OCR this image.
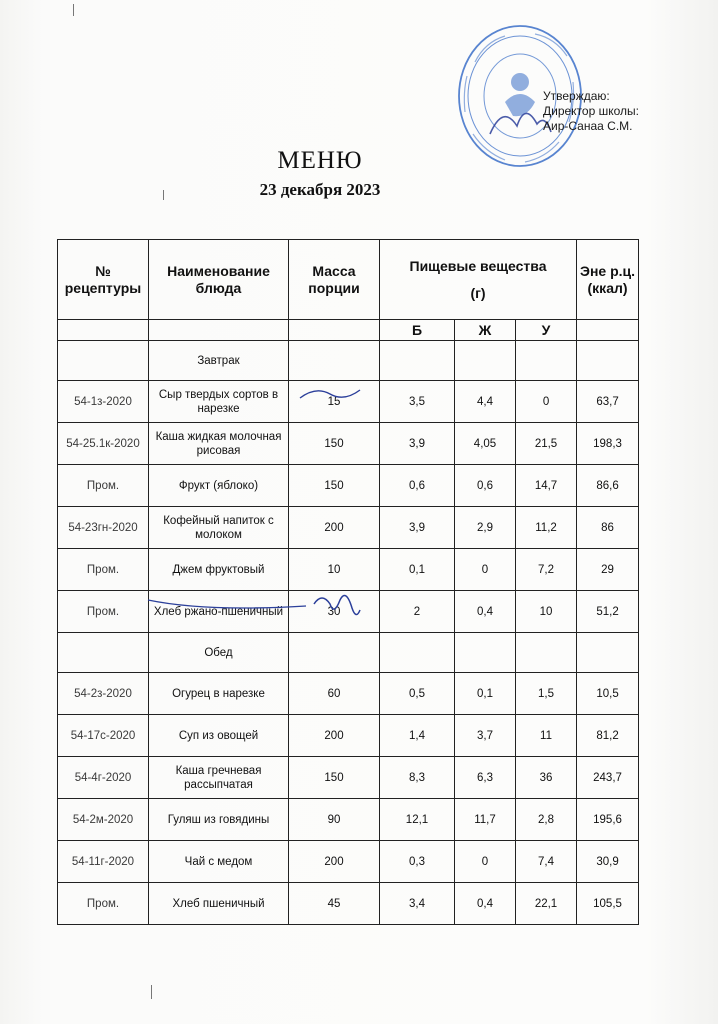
Утверждаю:
Директор школы:
Аир-Санаа С.М.
МЕНЮ
23 декабря 2023
№ рецептуры	Наименование блюда	Масса порции	Пищевые вещества
(г)			Эне р.ц. (ккал)
			Б	Ж	У	
	Завтрак					
54-1з-2020	Сыр твердых сортов в нарезке	15	3,5	4,4	0	63,7
54-25.1к-2020	Каша жидкая молочная рисовая	150	3,9	4,05	21,5	198,3
Пром.	Фрукт (яблоко)	150	0,6	0,6	14,7	86,6
54-23гн-2020	Кофейный напиток с молоком	200	3,9	2,9	11,2	86
Пром.	Джем фруктовый	10	0,1	0	7,2	29
Пром.	Хлеб ржано-пшеничный	30	2	0,4	10	51,2
	Обед					
54-2з-2020	Огурец в нарезке	60	0,5	0,1	1,5	10,5
54-17с-2020	Суп из овощей	200	1,4	3,7	11	81,2
54-4г-2020	Каша гречневая рассыпчатая	150	8,3	6,3	36	243,7
54-2м-2020	Гуляш из говядины	90	12,1	11,7	2,8	195,6
54-11г-2020	Чай с медом	200	0,3	0	7,4	30,9
Пром.	Хлеб пшеничный	45	3,4	0,4	22,1	105,5
